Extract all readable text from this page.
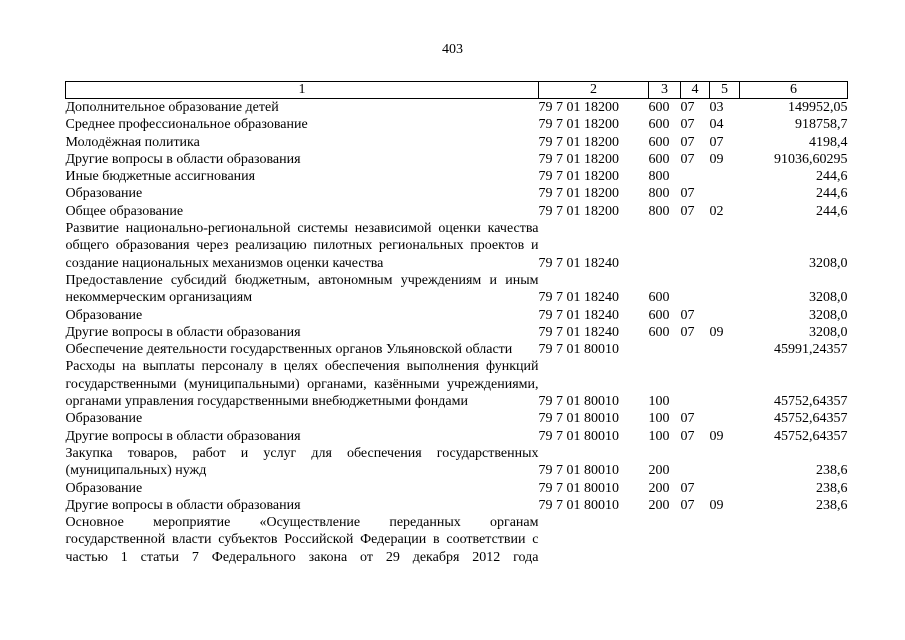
403
1	2	3	4	5	6
Дополнительное образование детей	79 7 01 18200	600	07	03	149952,05
Среднее профессиональное образование	79 7 01 18200	600	07	04	918758,7
Молодёжная политика	79 7 01 18200	600	07	07	4198,4
Другие вопросы в области образования	79 7 01 18200	600	07	09	91036,60295
Иные бюджетные ассигнования	79 7 01 18200	800			244,6
Образование	79 7 01 18200	800	07		244,6
Общее образование	79 7 01 18200	800	07	02	244,6
Развитие национально-региональной системы независимой оценки качества общего образования через реализацию пилотных региональных проектов и создание национальных механизмов оценки качества	79 7 01 18240				3208,0
Предоставление субсидий бюджетным, автономным учреждениям и иным некоммерческим организациям	79 7 01 18240	600			3208,0
Образование	79 7 01 18240	600	07		3208,0
Другие вопросы в области образования	79 7 01 18240	600	07	09	3208,0
Обеспечение деятельности государственных органов Ульяновской области	79 7 01 80010				45991,24357
Расходы на выплаты персоналу в целях обеспечения выполнения функций государственными (муниципальными) органами, казёнными учреждениями, органами управления государственными внебюджетными фондами	79 7 01 80010	100			45752,64357
Образование	79 7 01 80010	100	07		45752,64357
Другие вопросы в области образования	79 7 01 80010	100	07	09	45752,64357
Закупка товаров, работ и услуг для обеспечения государственных (муниципальных) нужд	79 7 01 80010	200			238,6
Образование	79 7 01 80010	200	07		238,6
Другие вопросы в области образования	79 7 01 80010	200	07	09	238,6
Основное мероприятие «Осуществление переданных органам государственной власти субъектов Российской Федерации в соответствии с частью 1 статьи 7 Федерального закона от 29 декабря 2012 года					
